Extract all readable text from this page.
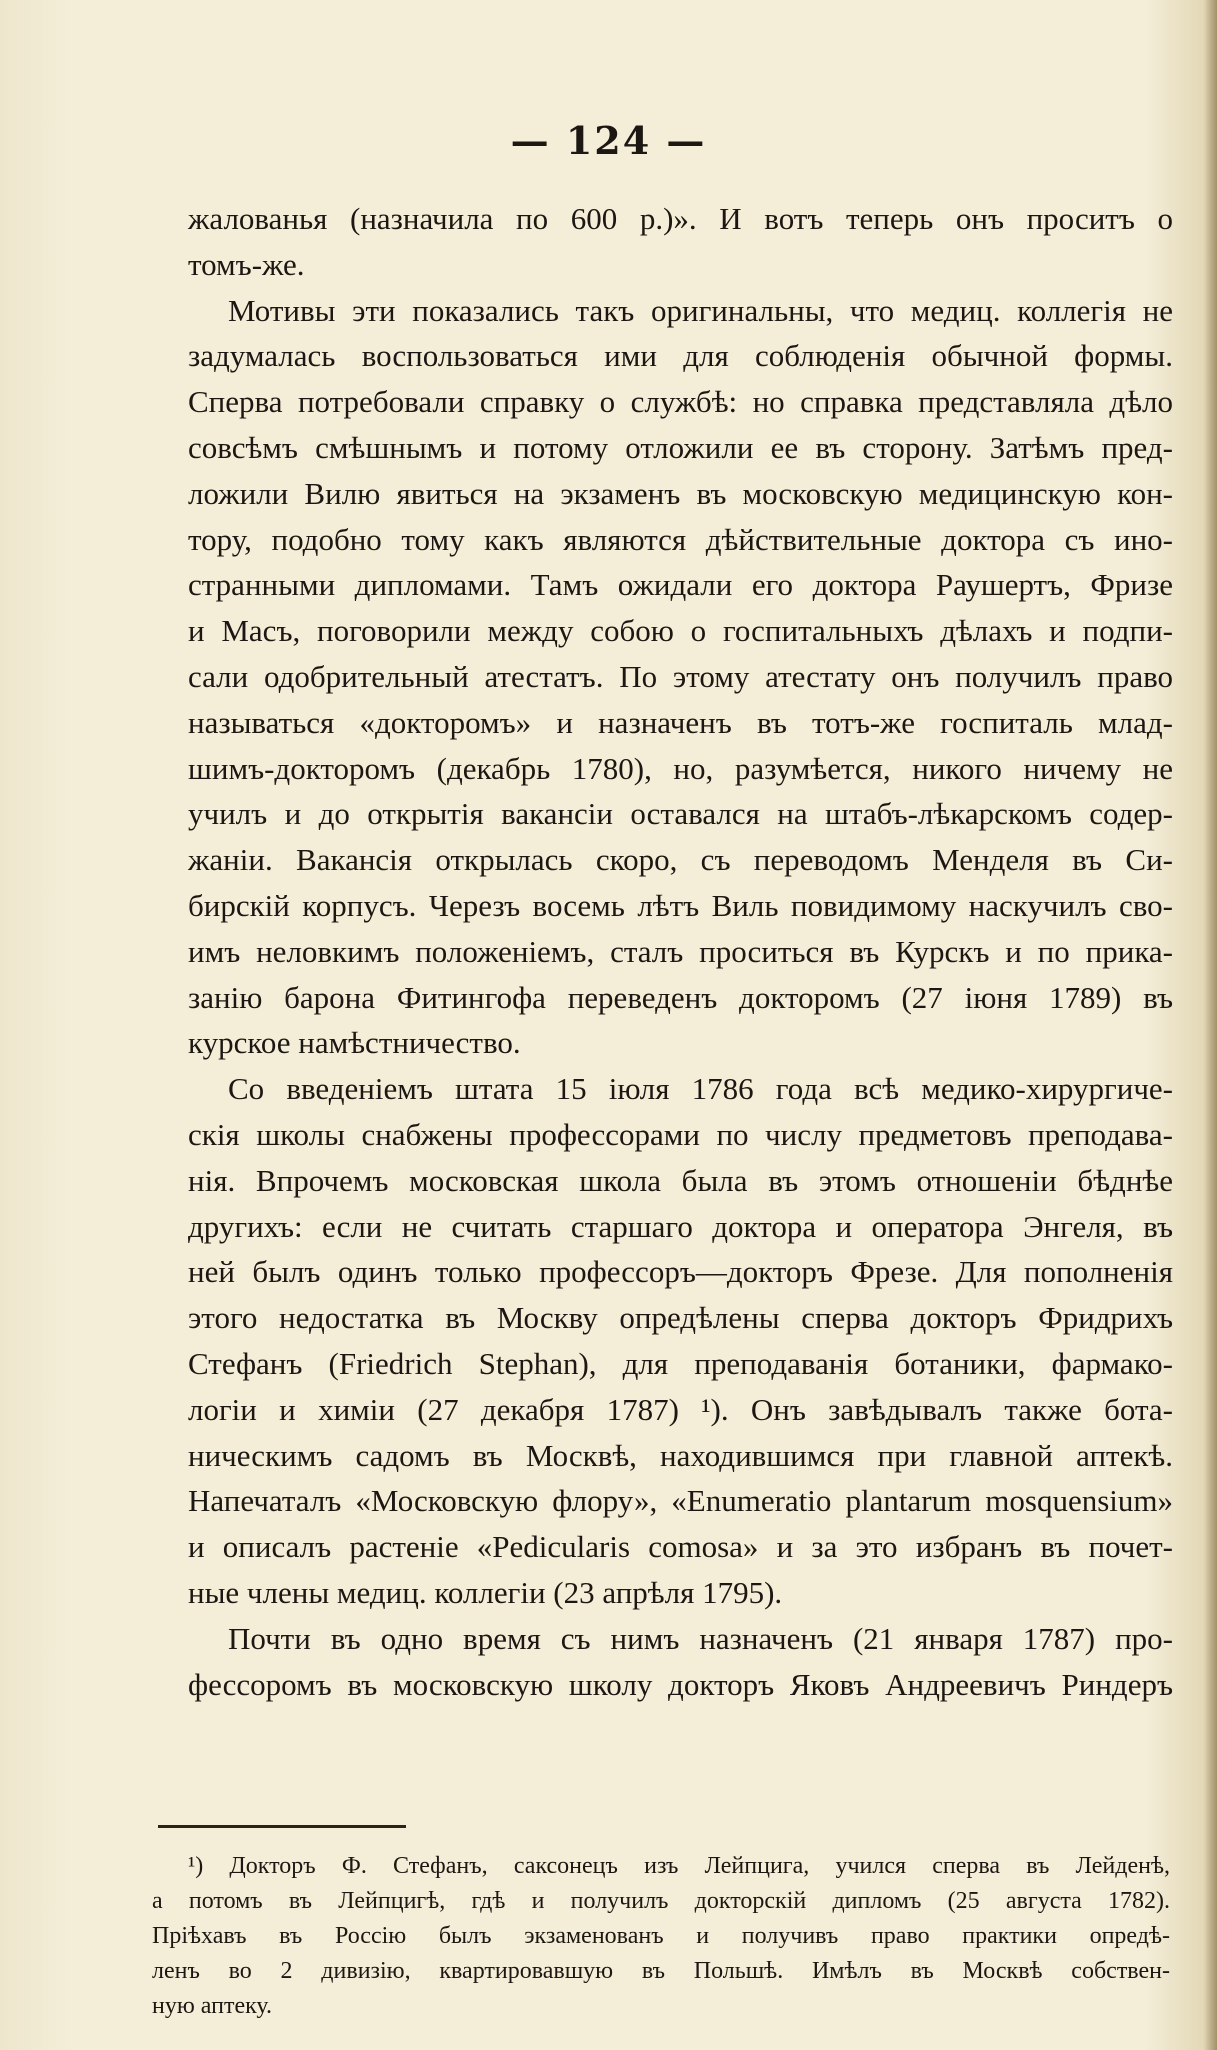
— 124 —
жалованья (назначила по 600 р.)». И вотъ теперь онъ проситъ о
томъ-же.
Мотивы эти показались такъ оригинальны, что медиц. коллегія не
задумалась воспользоваться ими для соблюденія обычной формы.
Сперва потребовали справку о службѣ: но справка представляла дѣло
совсѣмъ смѣшнымъ и потому отложили ее въ сторону. Затѣмъ пред-
ложили Вилю явиться на экзаменъ въ московскую медицинскую кон-
тору, подобно тому какъ являются дѣйствительные доктора съ ино-
странными дипломами. Тамъ ожидали его доктора Раушертъ, Фризе
и Масъ, поговорили между собою о госпитальныхъ дѣлахъ и подпи-
сали одобрительный атестатъ. По этому атестату онъ получилъ право
называться «докторомъ» и назначенъ въ тотъ-же госпиталь млад-
шимъ-докторомъ (декабрь 1780), но, разумѣется, никого ничему не
училъ и до открытія вакансіи оставался на штабъ-лѣкарскомъ содер-
жаніи. Вакансія открылась скоро, съ переводомъ Менделя въ Си-
бирскій корпусъ. Черезъ восемь лѣтъ Виль повидимому наскучилъ сво-
имъ неловкимъ положеніемъ, сталъ проситься въ Курскъ и по прика-
занію барона Фитингофа переведенъ докторомъ (27 іюня 1789) въ
курское намѣстничество.
Со введеніемъ штата 15 іюля 1786 года всѣ медико-хирургиче-
скія школы снабжены профессорами по числу предметовъ преподава-
нія. Впрочемъ московская школа была въ этомъ отношеніи бѣднѣе
другихъ: если не считать старшаго доктора и оператора Энгеля, въ
ней былъ одинъ только профессоръ—докторъ Фрезе. Для пополненія
этого недостатка въ Москву опредѣлены сперва докторъ Фридрихъ
Стефанъ (Friedrich Stephan), для преподаванія ботаники, фармако-
логіи и химіи (27 декабря 1787) ¹). Онъ завѣдывалъ также бота-
ническимъ садомъ въ Москвѣ, находившимся при главной аптекѣ.
Напечаталъ «Московскую флору», «Enumeratio plantarum mosquensium»
и описалъ растеніе «Pedicularis comosa» и за это избранъ въ почет-
ные члены медиц. коллегіи (23 апрѣля 1795).
Почти въ одно время съ нимъ назначенъ (21 января 1787) про-
фессоромъ въ московскую школу докторъ Яковъ Андреевичъ Риндеръ
¹) Докторъ Ф. Стефанъ, саксонецъ изъ Лейпцига, учился сперва въ Лейденѣ,
а потомъ въ Лейпцигѣ, гдѣ и получилъ докторскій дипломъ (25 августа 1782).
Пріѣхавъ въ Россію былъ экзаменованъ и получивъ право практики опредѣ-
ленъ во 2 дивизію, квартировавшую въ Польшѣ. Имѣлъ въ Москвѣ собствен-
ную аптеку.
